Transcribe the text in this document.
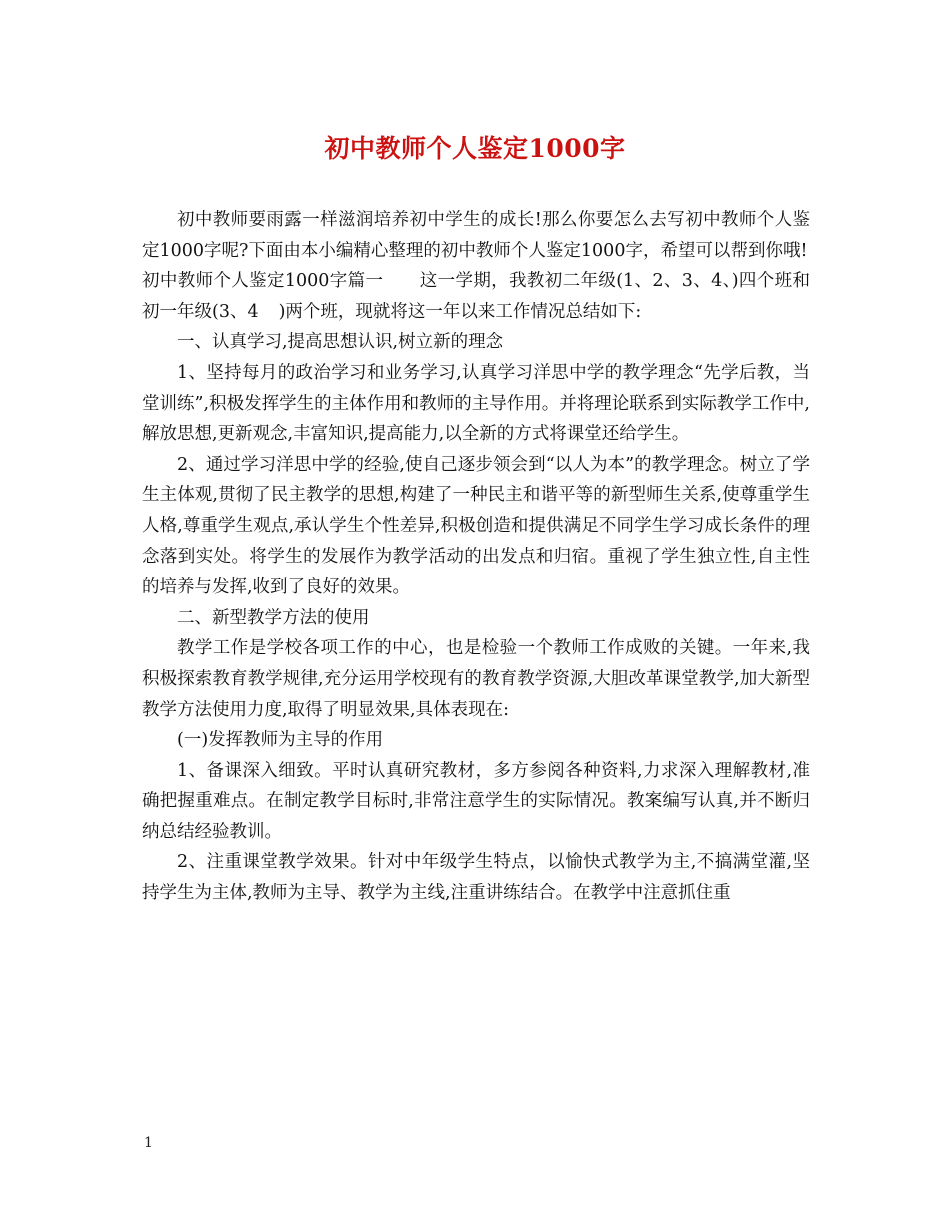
初中教师个人鉴定1000字

初中教师要雨露一样滋润培养初中学生的成长!那么你要怎么去写初中教师个人鉴定1000字呢?下面由本小编精心整理的初中教师个人鉴定1000字，希望可以帮到你哦!

初中教师个人鉴定1000字篇一 这一学期，我教初二年级(1、2、3、4、)四个班和初一年级(3、4 )两个班，现就将这一年以来工作情况总结如下:

一、认真学习,提高思想认识,树立新的理念

1、坚持每月的政治学习和业务学习,认真学习洋思中学的教学理念“先学后教，当堂训练”,积极发挥学生的主体作用和教师的主导作用。并将理论联系到实际教学工作中,解放思想,更新观念,丰富知识,提高能力,以全新的方式将课堂还给学生。

2、通过学习洋思中学的经验,使自己逐步领会到“以人为本”的教学理念。树立了学生主体观,贯彻了民主教学的思想,构建了一种民主和谐平等的新型师生关系,使尊重学生人格,尊重学生观点,承认学生个性差异,积极创造和提供满足不同学生学习成长条件的理念落到实处。将学生的发展作为教学活动的出发点和归宿。重视了学生独立性,自主性的培养与发挥,收到了良好的效果。

二、新型教学方法的使用

教学工作是学校各项工作的中心，也是检验一个教师工作成败的关键。一年来,我积极探索教育教学规律,充分运用学校现有的教育教学资源,大胆改革课堂教学,加大新型教学方法使用力度,取得了明显效果,具体表现在:

(一)发挥教师为主导的作用

1、备课深入细致。平时认真研究教材，多方参阅各种资料,力求深入理解教材,准确把握重难点。在制定教学目标时,非常注意学生的实际情况。教案编写认真,并不断归纳总结经验教训。

2、注重课堂教学效果。针对中年级学生特点，以愉快式教学为主,不搞满堂灌,坚持学生为主体,教师为主导、教学为主线,注重讲练结合。在教学中注意抓住重

1
